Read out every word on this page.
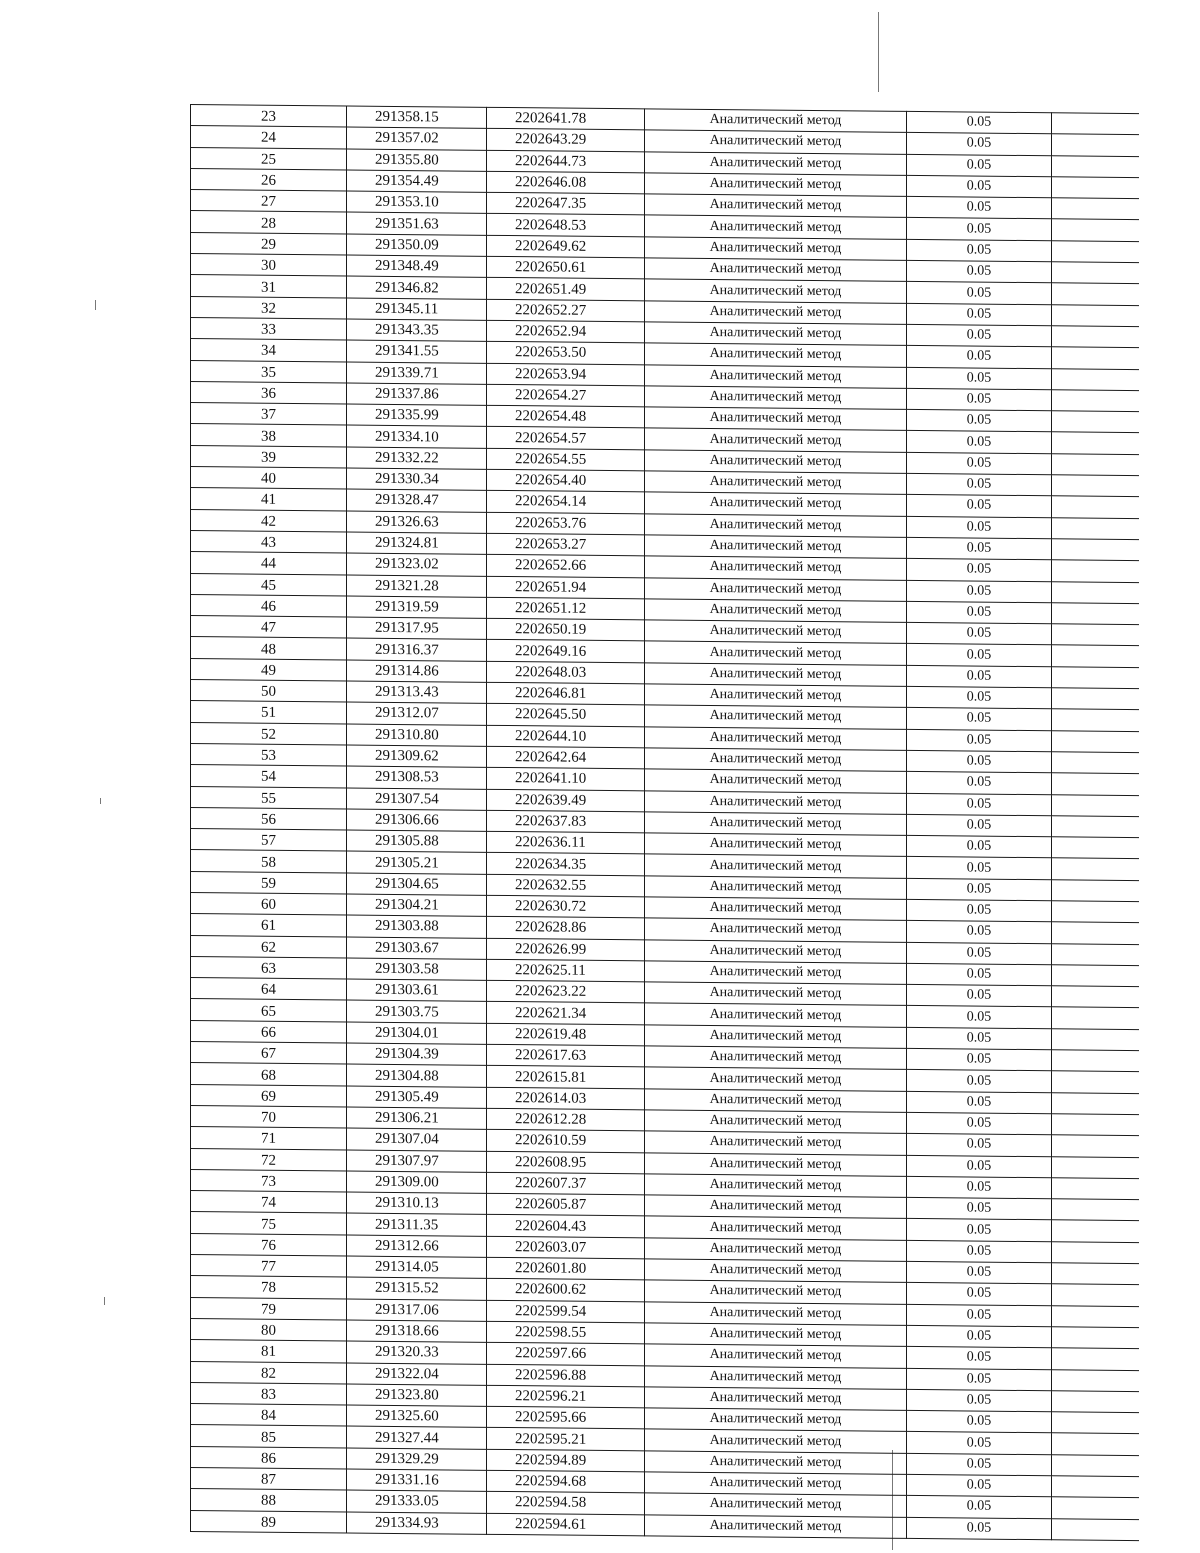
23	291358.15	2202641.78	Аналитический метод	0.05	
24	291357.02	2202643.29	Аналитический метод	0.05	
25	291355.80	2202644.73	Аналитический метод	0.05	
26	291354.49	2202646.08	Аналитический метод	0.05	
27	291353.10	2202647.35	Аналитический метод	0.05	
28	291351.63	2202648.53	Аналитический метод	0.05	
29	291350.09	2202649.62	Аналитический метод	0.05	
30	291348.49	2202650.61	Аналитический метод	0.05	
31	291346.82	2202651.49	Аналитический метод	0.05	
32	291345.11	2202652.27	Аналитический метод	0.05	
33	291343.35	2202652.94	Аналитический метод	0.05	
34	291341.55	2202653.50	Аналитический метод	0.05	
35	291339.71	2202653.94	Аналитический метод	0.05	
36	291337.86	2202654.27	Аналитический метод	0.05	
37	291335.99	2202654.48	Аналитический метод	0.05	
38	291334.10	2202654.57	Аналитический метод	0.05	
39	291332.22	2202654.55	Аналитический метод	0.05	
40	291330.34	2202654.40	Аналитический метод	0.05	
41	291328.47	2202654.14	Аналитический метод	0.05	
42	291326.63	2202653.76	Аналитический метод	0.05	
43	291324.81	2202653.27	Аналитический метод	0.05	
44	291323.02	2202652.66	Аналитический метод	0.05	
45	291321.28	2202651.94	Аналитический метод	0.05	
46	291319.59	2202651.12	Аналитический метод	0.05	
47	291317.95	2202650.19	Аналитический метод	0.05	
48	291316.37	2202649.16	Аналитический метод	0.05	
49	291314.86	2202648.03	Аналитический метод	0.05	
50	291313.43	2202646.81	Аналитический метод	0.05	
51	291312.07	2202645.50	Аналитический метод	0.05	
52	291310.80	2202644.10	Аналитический метод	0.05	
53	291309.62	2202642.64	Аналитический метод	0.05	
54	291308.53	2202641.10	Аналитический метод	0.05	
55	291307.54	2202639.49	Аналитический метод	0.05	
56	291306.66	2202637.83	Аналитический метод	0.05	
57	291305.88	2202636.11	Аналитический метод	0.05	
58	291305.21	2202634.35	Аналитический метод	0.05	
59	291304.65	2202632.55	Аналитический метод	0.05	
60	291304.21	2202630.72	Аналитический метод	0.05	
61	291303.88	2202628.86	Аналитический метод	0.05	
62	291303.67	2202626.99	Аналитический метод	0.05	
63	291303.58	2202625.11	Аналитический метод	0.05	
64	291303.61	2202623.22	Аналитический метод	0.05	
65	291303.75	2202621.34	Аналитический метод	0.05	
66	291304.01	2202619.48	Аналитический метод	0.05	
67	291304.39	2202617.63	Аналитический метод	0.05	
68	291304.88	2202615.81	Аналитический метод	0.05	
69	291305.49	2202614.03	Аналитический метод	0.05	
70	291306.21	2202612.28	Аналитический метод	0.05	
71	291307.04	2202610.59	Аналитический метод	0.05	
72	291307.97	2202608.95	Аналитический метод	0.05	
73	291309.00	2202607.37	Аналитический метод	0.05	
74	291310.13	2202605.87	Аналитический метод	0.05	
75	291311.35	2202604.43	Аналитический метод	0.05	
76	291312.66	2202603.07	Аналитический метод	0.05	
77	291314.05	2202601.80	Аналитический метод	0.05	
78	291315.52	2202600.62	Аналитический метод	0.05	
79	291317.06	2202599.54	Аналитический метод	0.05	
80	291318.66	2202598.55	Аналитический метод	0.05	
81	291320.33	2202597.66	Аналитический метод	0.05	
82	291322.04	2202596.88	Аналитический метод	0.05	
83	291323.80	2202596.21	Аналитический метод	0.05	
84	291325.60	2202595.66	Аналитический метод	0.05	
85	291327.44	2202595.21	Аналитический метод	0.05	
86	291329.29	2202594.89	Аналитический метод	0.05	
87	291331.16	2202594.68	Аналитический метод	0.05	
88	291333.05	2202594.58	Аналитический метод	0.05	
89	291334.93	2202594.61	Аналитический метод	0.05	
